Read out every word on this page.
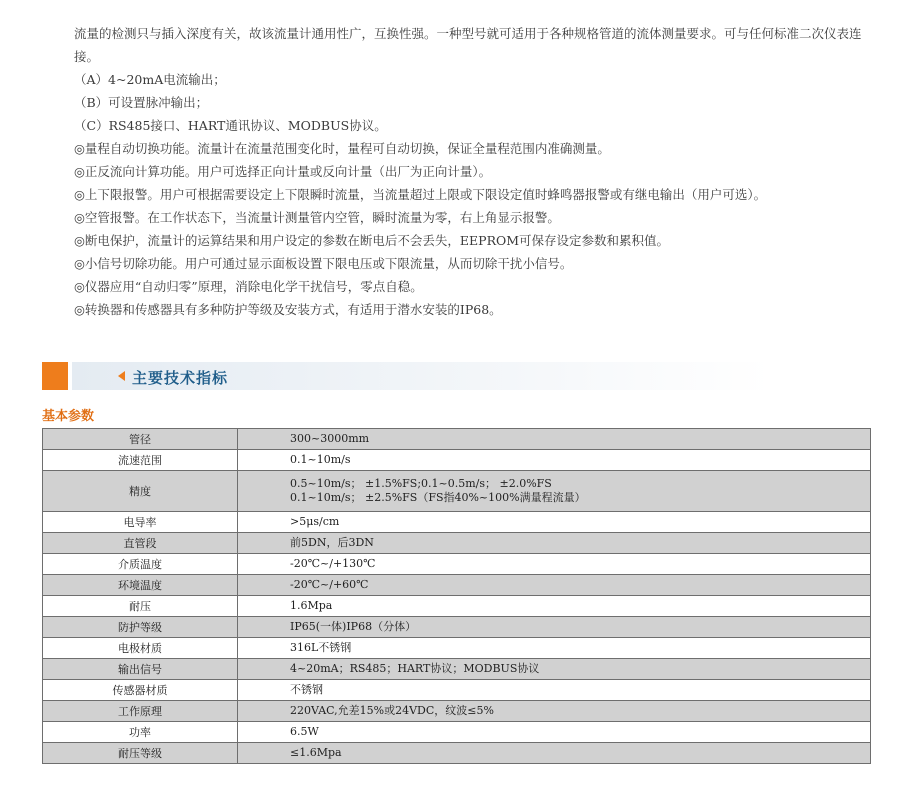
流量的检测只与插入深度有关，故该流量计通用性广，互换性强。一种型号就可适用于各种规格管道的流体测量要求。可与任何标准二次仪表连接。

（A）4~20mA电流输出；

（B）可设置脉冲输出；

（C）RS485接口、HART通讯协议、MODBUS协议。

◎量程自动切换功能。流量计在流量范围变化时，量程可自动切换，保证全量程范围内准确测量。

◎正反流向计算功能。用户可选择正向计量或反向计量（出厂为正向计量）。

◎上下限报警。用户可根据需要设定上下限瞬时流量，当流量超过上限或下限设定值时蜂鸣器报警或有继电输出（用户可选）。

◎空管报警。在工作状态下，当流量计测量管内空管，瞬时流量为零，右上角显示报警。

◎断电保护，流量计的运算结果和用户设定的参数在断电后不会丢失，EEPROM可保存设定参数和累积值。

◎小信号切除功能。用户可通过显示面板设置下限电压或下限流量，从而切除干扰小信号。

◎仪器应用“自动归零”原理，消除电化学干扰信号，零点自稳。

◎转换器和传感器具有多种防护等级及安装方式，有适用于潜水安装的IP68。

主要技术指标
基本参数
管径	300~3000mm

流速范围	0.1~10m/s

精度	0.5~10m/s； ±1.5%FS;0.1~0.5m/s； ±2.0%FS
0.1~10m/s； ±2.5%FS（FS指40%~100%满量程流量）

电导率	>5μs/cm

直管段	前5DN，后3DN

介质温度	-20℃~/+130℃

环境温度	-20℃~/+60℃

耐压	1.6Mpa

防护等级	IP65(一体)IP68（分体）

电极材质	316L不锈钢

输出信号	4~20mA；RS485；HART协议；MODBUS协议

传感器材质	不锈钢

工作原理	220VAC,允差15%或24VDC，纹波≤5%

功率	6.5W

耐压等级	≤1.6Mpa
